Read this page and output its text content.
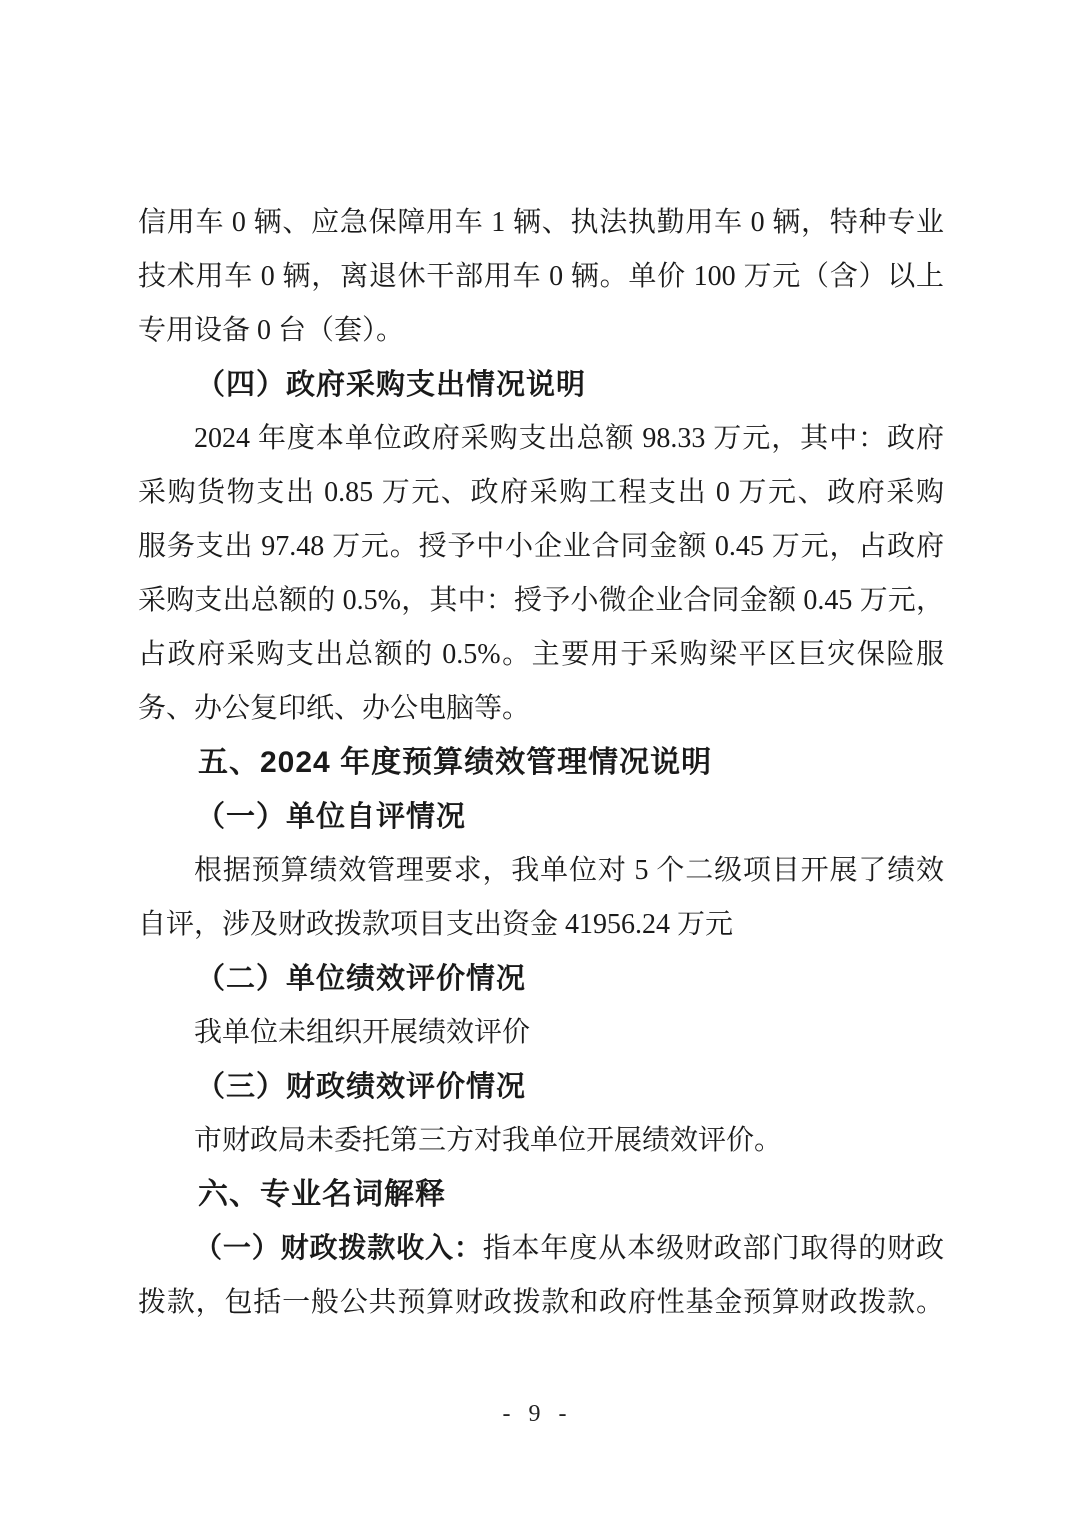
信用车 0 辆、应急保障用车 1 辆、执法执勤用车 0 辆，特种专业
技术用车 0 辆，离退休干部用车 0 辆。单价 100 万元（含）以上
专用设备 0 台（套）。
（四）政府采购支出情况说明
2024 年度本单位政府采购支出总额 98.33 万元，其中：政府
采购货物支出 0.85 万元、政府采购工程支出 0 万元、政府采购
服务支出 97.48 万元。授予中小企业合同金额 0.45 万元，占政府
采购支出总额的 0.5%，其中：授予小微企业合同金额 0.45 万元，
占政府采购支出总额的 0.5%。主要用于采购梁平区巨灾保险服
务、办公复印纸、办公电脑等。
五、2024 年度预算绩效管理情况说明
（一）单位自评情况
根据预算绩效管理要求，我单位对 5 个二级项目开展了绩效
自评，涉及财政拨款项目支出资金 41956.24 万元
（二）单位绩效评价情况
我单位未组织开展绩效评价
（三）财政绩效评价情况
市财政局未委托第三方对我单位开展绩效评价。
六、专业名词解释
（一）财政拨款收入：指本年度从本级财政部门取得的财政
拨款，包括一般公共预算财政拨款和政府性基金预算财政拨款。
- 9 -
